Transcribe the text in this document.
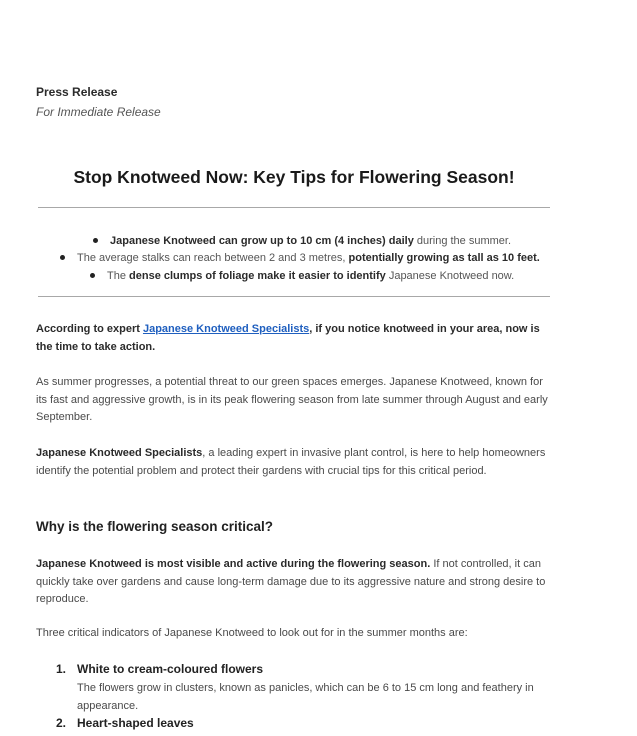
Press Release
For Immediate Release
Stop Knotweed Now: Key Tips for Flowering Season!
Japanese Knotweed can grow up to 10 cm (4 inches) daily during the summer.
The average stalks can reach between 2 and 3 metres, potentially growing as tall as 10 feet.
The dense clumps of foliage make it easier to identify Japanese Knotweed now.
According to expert Japanese Knotweed Specialists, if you notice knotweed in your area, now is the time to take action.
As summer progresses, a potential threat to our green spaces emerges. Japanese Knotweed, known for its fast and aggressive growth, is in its peak flowering season from late summer through August and early September.
Japanese Knotweed Specialists, a leading expert in invasive plant control, is here to help homeowners identify the potential problem and protect their gardens with crucial tips for this critical period.
Why is the flowering season critical?
Japanese Knotweed is most visible and active during the flowering season. If not controlled, it can quickly take over gardens and cause long-term damage due to its aggressive nature and strong desire to reproduce.
Three critical indicators of Japanese Knotweed to look out for in the summer months are:
1. White to cream-coloured flowers
The flowers grow in clusters, known as panicles, which can be 6 to 15 cm long and feathery in appearance.
2. Heart-shaped leaves
